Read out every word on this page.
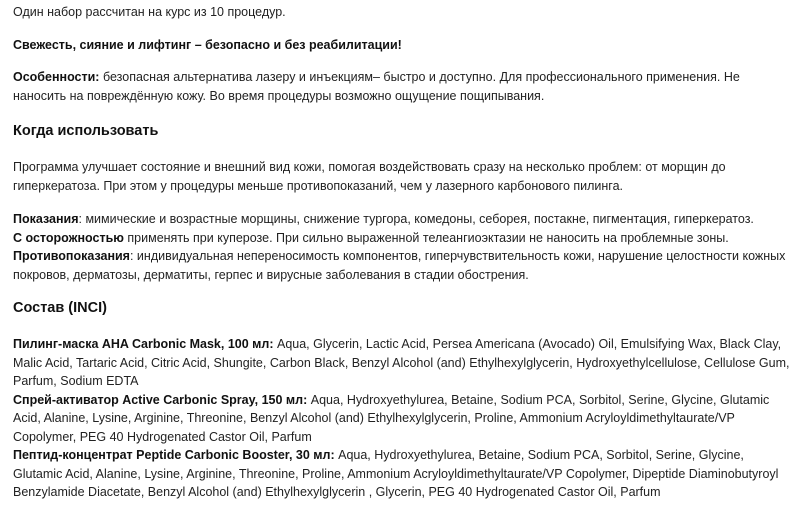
Один набор рассчитан на курс из 10 процедур.

Свежесть, сияние и лифтинг – безопасно и без реабилитации!

Особенности: безопасная альтернатива лазеру и инъекциям– быстро и доступно. Для профессионального применения. Не наносить на повреждённую кожу. Во время процедуры возможно ощущение пощипывания.

Когда использовать

Программа улучшает состояние и внешний вид кожи, помогая воздействовать сразу на несколько проблем: от морщин до гиперкератоза. При этом у процедуры меньше противопоказаний, чем у лазерного карбонового пилинга.

Показания: мимические и возрастные морщины, снижение тургора, комедоны, себорея, постакне, пигментация, гиперкератоз.

С осторожностью применять при куперозе. При сильно выраженной телеангиоэктазии не наносить на проблемные зоны.

Противопоказания: индивидуальная непереносимость компонентов, гиперчувствительность кожи, нарушение целостности кожных покровов, дерматозы, дерматиты, герпес и вирусные заболевания в стадии обострения.

Состав (INCI)

Пилинг-маска AHA Carbonic Mask, 100 мл: Aqua, Glycerin, Lactic Acid, Persea Americana (Avocado) Oil, Emulsifying Wax, Black Clay, Malic Acid, Tartaric Acid, Citric Acid, Shungite, Carbon Black, Benzyl Alcohol (and) Ethylhexylglycerin, Hydroxyethylcellulose, Cellulose Gum, Parfum, Sodium EDTA

Спрей-активатор Active Carbonic Spray, 150 мл: Aqua, Hydroxyethylurea, Betaine, Sodium PCA, Sorbitol, Serine, Glycine, Glutamic Acid, Alanine, Lysine, Arginine, Threonine, Benzyl Alcohol (and) Ethylhexylglycerin, Proline, Ammonium Acryloyldimethyltaurate/VP Copolymer, PEG 40 Hydrogenated Castor Oil, Parfum

Пептид-концентрат Peptide Carbonic Booster, 30 мл: Aqua, Hydroxyethylurea, Betaine, Sodium PCA, Sorbitol, Serine, Glycine, Glutamic Acid, Alanine, Lysine, Arginine, Threonine, Proline, Ammonium Acryloyldimethyltaurate/VP Copolymer, Dipeptide Diaminobutyroyl Benzylamide Diacetate, Benzyl Alcohol (and) Ethylhexylglycerin , Glycerin, PEG 40 Hydrogenated Castor Oil, Parfum
